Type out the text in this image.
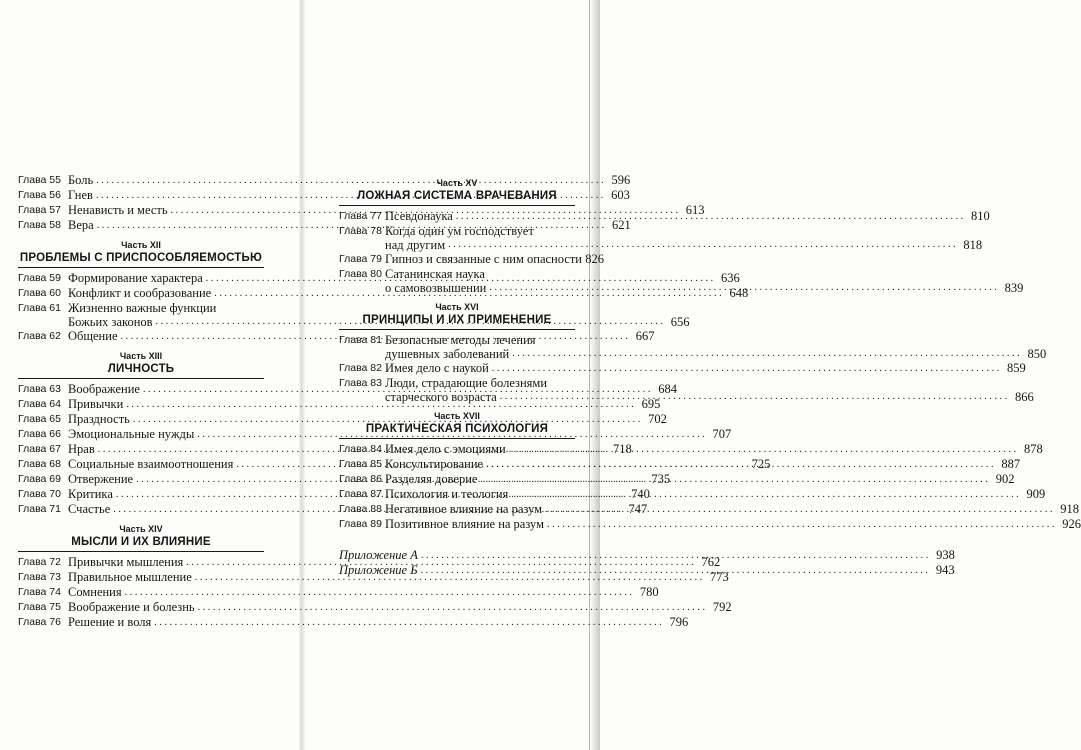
Глава 55 Боль .....	596
Глава 56 Гнев .....	603
Глава 57 Ненависть и месть .....	613
Глава 58 Вера .....	621
Часть XII
ПРОБЛЕМЫ С ПРИСПОСОБЛЯЕМОСТЬЮ
Глава 59 Формирование характера .....	636
Глава 60 Конфликт и сообразование .....	648
Глава 61 Жизненно важные функции
Божьих законов .....	656
Глава 62 Общение .....	667
Часть XIII
ЛИЧНОСТЬ
Глава 63 Воображение .....	684
Глава 64 Привычки .....	695
Глава 65 Праздность .....	702
Глава 66 Эмоциональные нужды .....	707
Глава 67 Нрав .....	718
Глава 68 Социальные взаимоотношения .....	725
Глава 69 Отвержение .....	735
Глава 70 Критика .....	740
Глава 71 Счастье .....	747
Часть XIV
МЫСЛИ И ИХ ВЛИЯНИЕ
Глава 72 Привычки мышления .....	762
Глава 73 Правильное мышление .....	773
Глава 74 Сомнения .....	780
Глава 75 Воображение и болезнь .....	792
Глава 76 Решение и воля .....	796
Часть XV
ЛОЖНАЯ СИСТЕМА ВРАЧЕВАНИЯ
Глава 77 Псевдонаука .....	810
Глава 78 Когда один ум господствует
над другим .....	818
Глава 79 Гипноз и связанные с ним опасности 826
Глава 80 Сатанинская наука
о самовозвышении .....	839
Часть XVI
ПРИНЦИПЫ И ИХ ПРИМЕНЕНИЕ
Глава 81 Безопасные методы лечения
душевных заболеваний .....	850
Глава 82 Имея дело с наукой .....	859
Глава 83 Люди, страдающие болезнями
старческого возраста .....	866
Часть XVII
ПРАКТИЧЕСКАЯ ПСИХОЛОГИЯ
Глава 84 Имея дело с эмоциями .....	878
Глава 85 Консультирование .....	887
Глава 86 Разделяя доверие .....	902
Глава 87 Психология и теология .....	909
Глава 88 Негативное влияние на разум .....	918
Глава 89 Позитивное влияние на разум .....	926
Приложение А .....	938
Приложение Б .....	943
